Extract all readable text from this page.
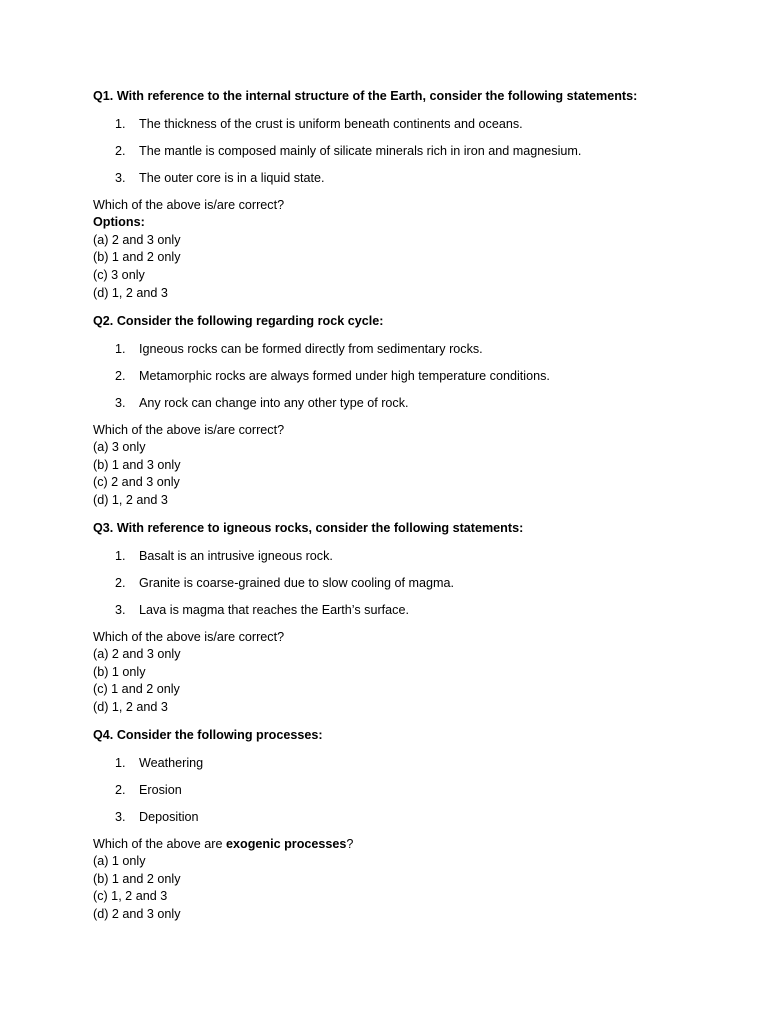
Q1. With reference to the internal structure of the Earth, consider the following statements:
1. The thickness of the crust is uniform beneath continents and oceans.
2. The mantle is composed mainly of silicate minerals rich in iron and magnesium.
3. The outer core is in a liquid state.
Which of the above is/are correct?
Options:
(a) 2 and 3 only
(b) 1 and 2 only
(c) 3 only
(d) 1, 2 and 3
Q2. Consider the following regarding rock cycle:
1. Igneous rocks can be formed directly from sedimentary rocks.
2. Metamorphic rocks are always formed under high temperature conditions.
3. Any rock can change into any other type of rock.
Which of the above is/are correct?
(a) 3 only
(b) 1 and 3 only
(c) 2 and 3 only
(d) 1, 2 and 3
Q3. With reference to igneous rocks, consider the following statements:
1. Basalt is an intrusive igneous rock.
2. Granite is coarse-grained due to slow cooling of magma.
3. Lava is magma that reaches the Earth’s surface.
Which of the above is/are correct?
(a) 2 and 3 only
(b) 1 only
(c) 1 and 2 only
(d) 1, 2 and 3
Q4. Consider the following processes:
1. Weathering
2. Erosion
3. Deposition
Which of the above are exogenic processes?
(a) 1 only
(b) 1 and 2 only
(c) 1, 2 and 3
(d) 2 and 3 only
